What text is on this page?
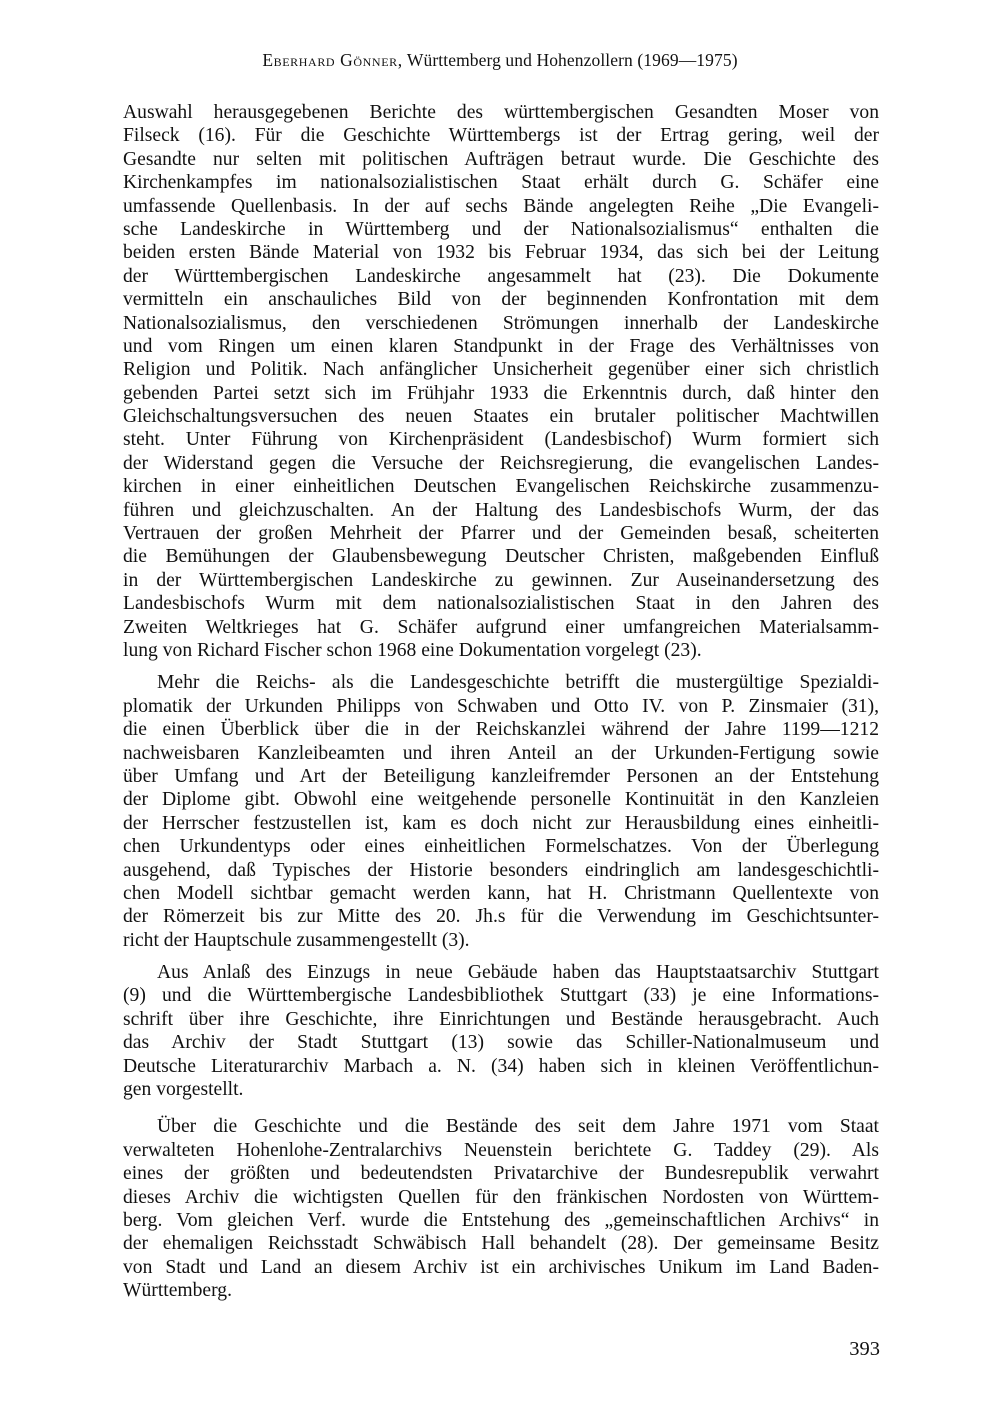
Eberhard Gönner, Württemberg und Hohenzollern (1969—1975)
Auswahl herausgegebenen Berichte des württembergischen Gesandten Moser von
Filseck (16). Für die Geschichte Württembergs ist der Ertrag gering, weil der
Gesandte nur selten mit politischen Aufträgen betraut wurde. Die Geschichte des
Kirchenkampfes im nationalsozialistischen Staat erhält durch G. Schäfer eine
umfassende Quellenbasis. In der auf sechs Bände angelegten Reihe „Die Evangeli-
sche Landeskirche in Württemberg und der Nationalsozialismus“ enthalten die
beiden ersten Bände Material von 1932 bis Februar 1934, das sich bei der Leitung
der Württembergischen Landeskirche angesammelt hat (23). Die Dokumente
vermitteln ein anschauliches Bild von der beginnenden Konfrontation mit dem
Nationalsozialismus, den verschiedenen Strömungen innerhalb der Landeskirche
und vom Ringen um einen klaren Standpunkt in der Frage des Verhältnisses von
Religion und Politik. Nach anfänglicher Unsicherheit gegenüber einer sich christlich
gebenden Partei setzt sich im Frühjahr 1933 die Erkenntnis durch, daß hinter den
Gleichschaltungsversuchen des neuen Staates ein brutaler politischer Machtwillen
steht. Unter Führung von Kirchenpräsident (Landesbischof) Wurm formiert sich
der Widerstand gegen die Versuche der Reichsregierung, die evangelischen Landes-
kirchen in einer einheitlichen Deutschen Evangelischen Reichskirche zusammenzu-
führen und gleichzuschalten. An der Haltung des Landesbischofs Wurm, der das
Vertrauen der großen Mehrheit der Pfarrer und der Gemeinden besaß, scheiterten
die Bemühungen der Glaubensbewegung Deutscher Christen, maßgebenden Einfluß
in der Württembergischen Landeskirche zu gewinnen. Zur Auseinandersetzung des
Landesbischofs Wurm mit dem nationalsozialistischen Staat in den Jahren des
Zweiten Weltkrieges hat G. Schäfer aufgrund einer umfangreichen Materialsamm-
lung von Richard Fischer schon 1968 eine Dokumentation vorgelegt (23).
Mehr die Reichs- als die Landesgeschichte betrifft die mustergültige Spezialdi-
plomatik der Urkunden Philipps von Schwaben und Otto IV. von P. Zinsmaier (31),
die einen Überblick über die in der Reichskanzlei während der Jahre 1199—1212
nachweisbaren Kanzleibeamten und ihren Anteil an der Urkunden-Fertigung sowie
über Umfang und Art der Beteiligung kanzleifremder Personen an der Entstehung
der Diplome gibt. Obwohl eine weitgehende personelle Kontinuität in den Kanzleien
der Herrscher festzustellen ist, kam es doch nicht zur Herausbildung eines einheitli-
chen Urkundentyps oder eines einheitlichen Formelschatzes. Von der Überlegung
ausgehend, daß Typisches der Historie besonders eindringlich am landesgeschichtli-
chen Modell sichtbar gemacht werden kann, hat H. Christmann Quellentexte von
der Römerzeit bis zur Mitte des 20. Jh.s für die Verwendung im Geschichtsunter-
richt der Hauptschule zusammengestellt (3).
Aus Anlaß des Einzugs in neue Gebäude haben das Hauptstaatsarchiv Stuttgart
(9) und die Württembergische Landesbibliothek Stuttgart (33) je eine Informations-
schrift über ihre Geschichte, ihre Einrichtungen und Bestände herausgebracht. Auch
das Archiv der Stadt Stuttgart (13) sowie das Schiller-Nationalmuseum und
Deutsche Literaturarchiv Marbach a. N. (34) haben sich in kleinen Veröffentlichun-
gen vorgestellt.
Über die Geschichte und die Bestände des seit dem Jahre 1971 vom Staat
verwalteten Hohenlohe-Zentralarchivs Neuenstein berichtete G. Taddey (29). Als
eines der größten und bedeutendsten Privatarchive der Bundesrepublik verwahrt
dieses Archiv die wichtigsten Quellen für den fränkischen Nordosten von Württem-
berg. Vom gleichen Verf. wurde die Entstehung des „gemeinschaftlichen Archivs“ in
der ehemaligen Reichsstadt Schwäbisch Hall behandelt (28). Der gemeinsame Besitz
von Stadt und Land an diesem Archiv ist ein archivisches Unikum im Land Baden-
Württemberg.
393
